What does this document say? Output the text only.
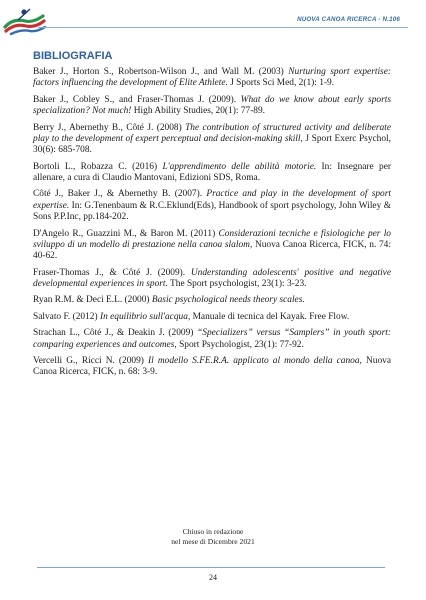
NUOVA CANOA RICERCA - N.106
BIBLIOGRAFIA

Baker J., Horton S., Robertson-Wilson J., and Wall M. (2003) Nurturing sport expertise: factors influencing the development of Elite Athlete. J Sports Sci Med, 2(1): 1-9.

Baker J., Cobley S., and Fraser-Thomas J. (2009). What do we know about early sports specialization? Not much! High Ability Studies, 20(1): 77-89.

Berry J., Abernethy B., Côté J. (2008) The contribution of structured activity and deliberate play to the development of expert perceptual and decision-making skill, J Sport Exerc Psychol, 30(6): 685-708.

Bortoli L., Robazza C. (2016) L'apprendimento delle abilità motorie. In: Insegnare per allenare, a cura di Claudio Mantovani, Edizioni SDS, Roma.

Côté J., Baker J., & Abernethy B. (2007). Practice and play in the development of sport expertise. In: G.Tenenbaum & R.C.Eklund(Eds), Handbook of sport psychology, John Wiley & Sons P.P.Inc, pp.184-202.

D'Angelo R., Guazzini M., & Baron M. (2011) Considerazioni tecniche e fisiologiche per lo sviluppo di un modello di prestazione nella canoa slalom, Nuova Canoa Ricerca, FICK, n. 74: 40-62.

Fraser-Thomas J., & Côté J. (2009). Understanding adolescents' positive and negative developmental experiences in sport. The Sport psychologist, 23(1): 3-23.

Ryan R.M. & Deci E.L. (2000) Basic psychological needs theory scales.

Salvato F. (2012) In equilibrio sull'acqua, Manuale di tecnica del Kayak. Free Flow.

Strachan L., Côté J., & Deakin J. (2009) “Specializers” versus “Samplers” in youth sport: comparing experiences and outcomes, Sport Psychologist, 23(1): 77-92.

Vercelli G., Ricci N. (2009) Il modello S.FE.R.A. applicato al mondo della canoa, Nuova Canoa Ricerca, FICK, n. 68: 3-9.

Chiuso in redazione
nel mese di Dicembre 2021
24
